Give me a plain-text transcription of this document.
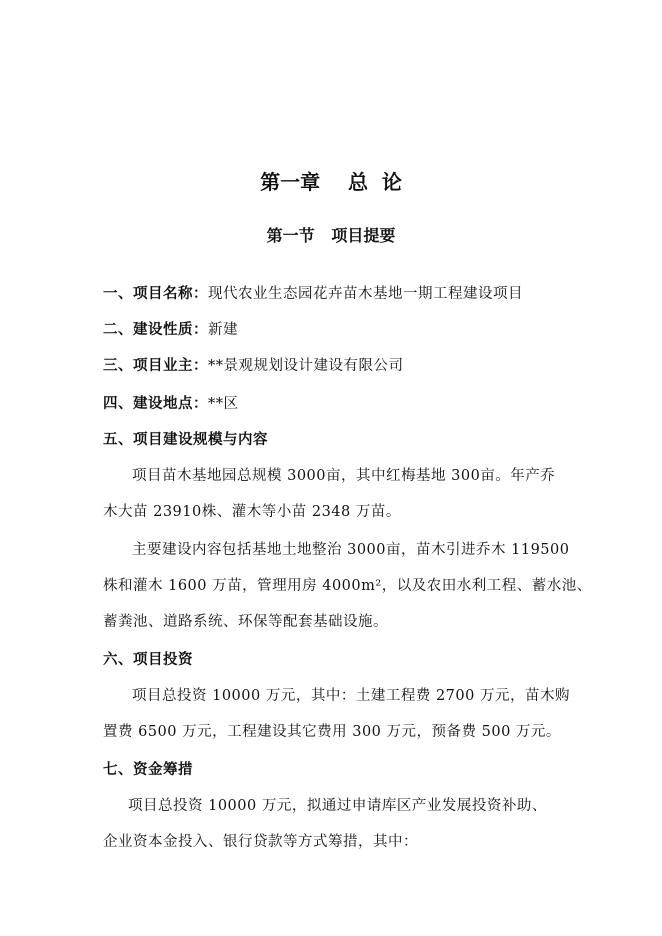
第一章    总  论
第一节   项目提要
一、项目名称：现代农业生态园花卉苗木基地一期工程建设项目
二、建设性质：新建
三、项目业主：**景观规划设计建设有限公司
四、建设地点：**区
五、项目建设规模与内容
项目苗木基地园总规模 3000亩，其中红梅基地 300亩。年产乔
木大苗 23910株、灌木等小苗 2348 万苗。
主要建设内容包括基地土地整治 3000亩，苗木引进乔木 119500
株和灌木 1600 万苗，管理用房 4000m²，以及农田水利工程、蓄水池、
蓄粪池、道路系统、环保等配套基础设施。
六、项目投资
项目总投资 10000 万元，其中：土建工程费 2700 万元，苗木购
置费 6500 万元，工程建设其它费用 300 万元，预备费 500 万元。
七、资金筹措
项目总投资 10000 万元，拟通过申请库区产业发展投资补助、
企业资本金投入、银行贷款等方式筹措，其中：
